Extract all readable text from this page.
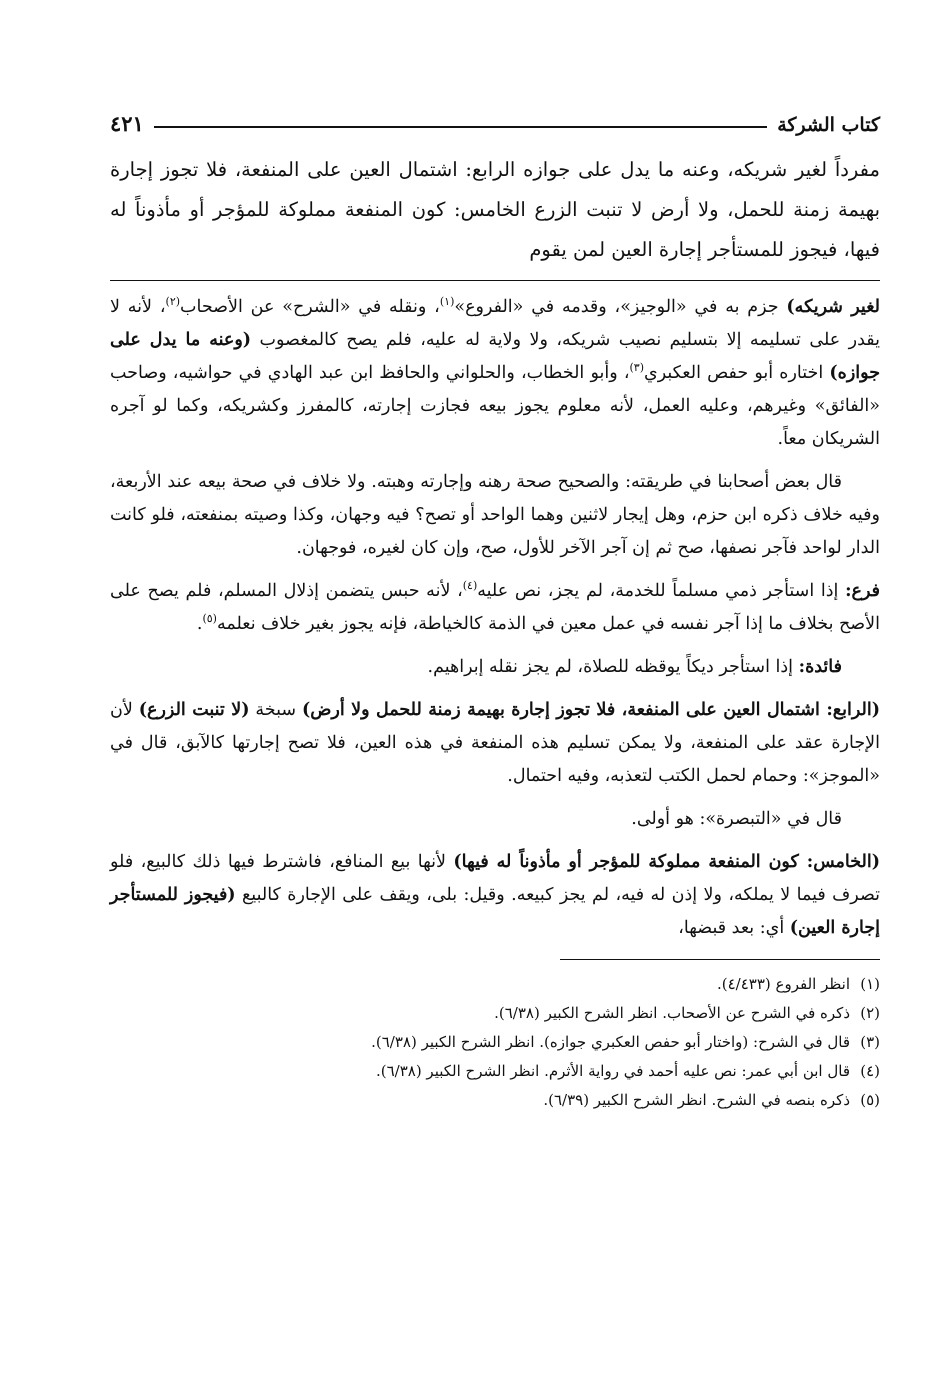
كتاب الشركة
٤٢١
مفرداً لغير شريكه، وعنه ما يدل على جوازه الرابع: اشتمال العين على المنفعة، فلا تجوز إجارة بهيمة زمنة للحمل، ولا أرض لا تنبت الزرع الخامس: كون المنفعة مملوكة للمؤجر أو مأذوناً له فيها، فيجوز للمستأجر إجارة العين لمن يقوم

لغير شريكه) جزم به في «الوجيز»، وقدمه في «الفروع»$^{(١)}$، ونقله في «الشرح» عن الأصحاب$^{(٢)}$، لأنه لا يقدر على تسليمه إلا بتسليم نصيب شريكه، ولا ولاية له عليه، فلم يصح كالمغصوب (وعنه ما يدل على جوازه) اختاره أبو حفص العكبري$^{(٣)}$، وأبو الخطاب، والحلواني والحافظ ابن عبد الهادي في حواشيه، وصاحب «الفائق» وغيرهم، وعليه العمل، لأنه معلوم يجوز بيعه فجازت إجارته، كالمفرز وكشريكه، وكما لو آجره الشريكان معاً.

قال بعض أصحابنا في طريقته: والصحيح صحة رهنه وإجارته وهبته. ولا خلاف في صحة بيعه عند الأربعة، وفيه خلاف ذكره ابن حزم، وهل إيجار لاثنين وهما الواحد أو تصح؟ فيه وجهان، وكذا وصيته بمنفعته، فلو كانت الدار لواحد فآجر نصفها، صح ثم إن آجر الآخر للأول، صح، وإن كان لغيره، فوجهان.

فرع: إذا استأجر ذمي مسلماً للخدمة، لم يجز، نص عليه$^{(٤)}$، لأنه حبس يتضمن إذلال المسلم، فلم يصح على الأصح بخلاف ما إذا آجر نفسه في عمل معين في الذمة كالخياطة، فإنه يجوز بغير خلاف نعلمه$^{(٥)}$.

فائدة: إذا استأجر ديكاً يوقظه للصلاة، لم يجز نقله إبراهيم.

(الرابع: اشتمال العين على المنفعة، فلا تجوز إجارة بهيمة زمنة للحمل ولا أرض) سبخة (لا تنبت الزرع) لأن الإجارة عقد على المنفعة، ولا يمكن تسليم هذه المنفعة في هذه العين، فلا تصح إجارتها كالآبق، قال في «الموجز»: وحمام لحمل الكتب لتعذبه، وفيه احتمال.

قال في «التبصرة»: هو أولى.

(الخامس: كون المنفعة مملوكة للمؤجر أو مأذوناً له فيها) لأنها بيع المنافع، فاشترط فيها ذلك كالبيع، فلو تصرف فيما لا يملكه، ولا إذن له فيه، لم يجز كبيعه. وقيل: بلى، ويقف على الإجارة كالبيع (فيجوز للمستأجر إجارة العين) أي: بعد قبضها،

(١)
انظر الفروع (٤/٤٣٣).
(٢)
ذكره في الشرح عن الأصحاب. انظر الشرح الكبير (٦/٣٨).
(٣)
قال في الشرح: (واختار أبو حفص العكبري جوازه). انظر الشرح الكبير (٦/٣٨).
(٤)
قال ابن أبي عمر: نص عليه أحمد في رواية الأثرم. انظر الشرح الكبير (٦/٣٨).
(٥)
ذكره بنصه في الشرح. انظر الشرح الكبير (٦/٣٩).
